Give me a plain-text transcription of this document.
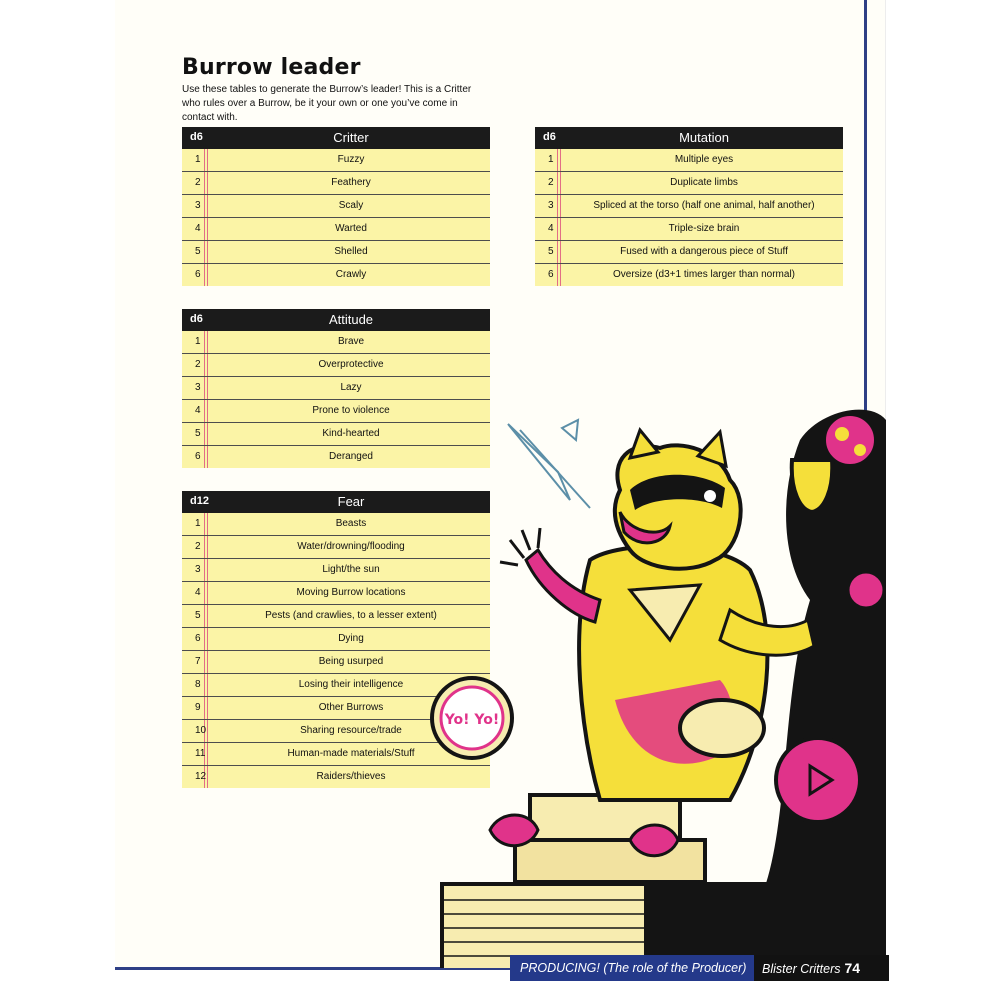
Burrow leader

Use these tables to generate the Burrow’s leader! This is a Critter who rules over a Burrow, be it your own or one you’ve come in contact with.

d6	Critter
1	Fuzzy
2	Feathery
3	Scaly
4	Warted
5	Shelled
6	Crawly
d6	Mutation
1	Multiple eyes
2	Duplicate limbs
3	Spliced at the torso (half one animal, half another)
4	Triple-size brain
5	Fused with a dangerous piece of Stuff
6	Oversize (d3+1 times larger than normal)
d6	Attitude
1	Brave
2	Overprotective
3	Lazy
4	Prone to violence
5	Kind-hearted
6	Deranged
d12	Fear
1	Beasts
2	Water/drowning/flooding
3	Light/the sun
4	Moving Burrow locations
5	Pests (and crawlies, to a lesser extent)
6	Dying
7	Being usurped
8	Losing their intelligence
9	Other Burrows
10	Sharing resource/trade
11	Human-made materials/Stuff
12	Raiders/thieves
Yo! Yo!
PRODUCING! (The role of the Producer)	Blister Critters 74
